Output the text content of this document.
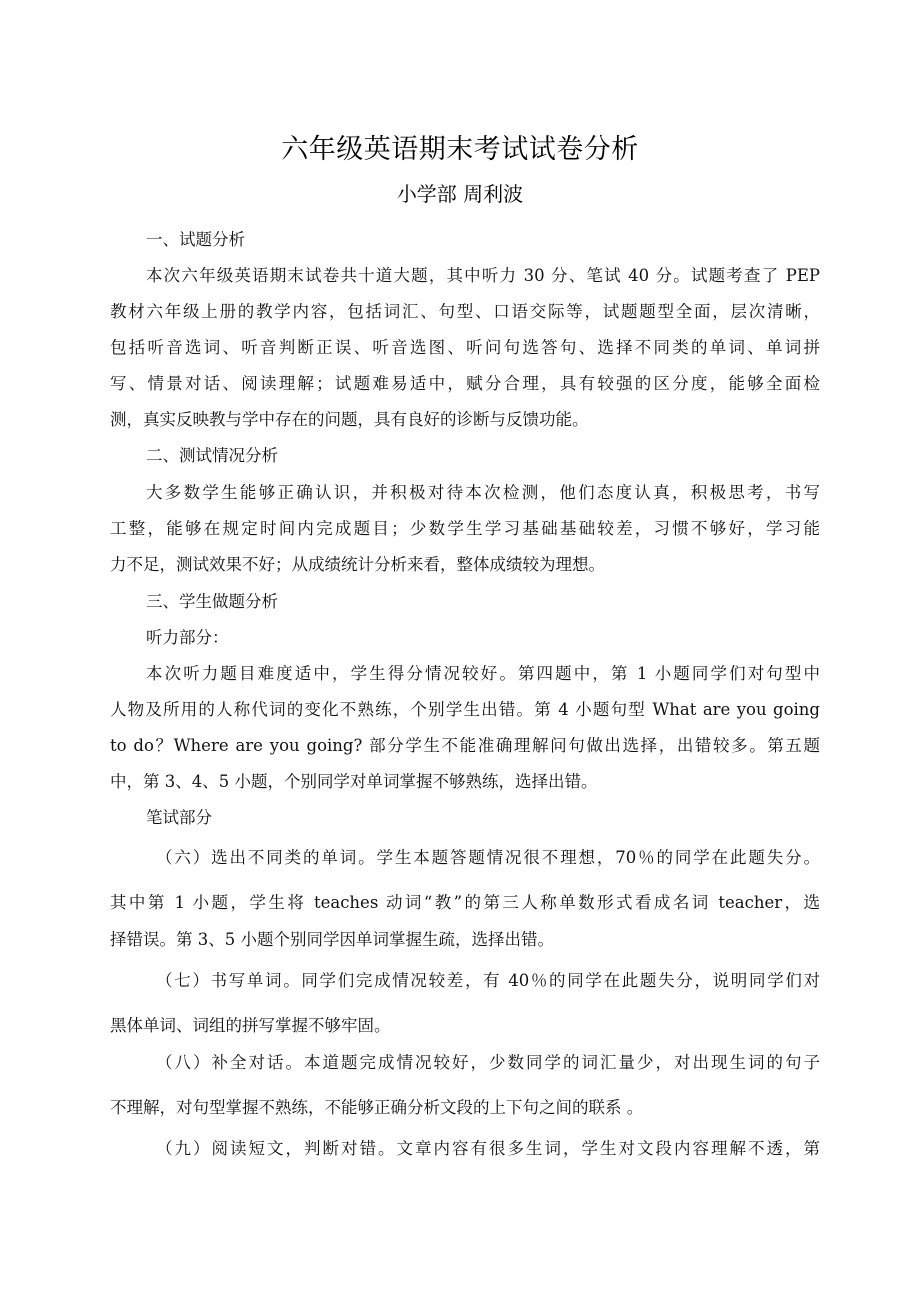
六年级英语期末考试试卷分析
小学部 周利波
一、试题分析
本次六年级英语期末试卷共十道大题，其中听力 30 分、笔试 40 分。试题考查了 PEP
教材六年级上册的教学内容，包括词汇、句型、口语交际等，试题题型全面，层次清晰，
包括听音选词、听音判断正误、听音选图、听问句选答句、选择不同类的单词、单词拼
写、情景对话、阅读理解；试题难易适中，赋分合理，具有较强的区分度，能够全面检
测，真实反映教与学中存在的问题，具有良好的诊断与反馈功能。
二、测试情况分析
大多数学生能够正确认识，并积极对待本次检测，他们态度认真，积极思考，书写
工整，能够在规定时间内完成题目；少数学生学习基础基础较差，习惯不够好，学习能
力不足，测试效果不好；从成绩统计分析来看，整体成绩较为理想。
三、学生做题分析
听力部分：
本次听力题目难度适中，学生得分情况较好。第四题中，第 1 小题同学们对句型中
人物及所用的人称代词的变化不熟练，个别学生出错。第 4 小题句型 What are you going
to do？Where are you going? 部分学生不能准确理解问句做出选择，出错较多。第五题
中，第 3、4、5 小题，个别同学对单词掌握不够熟练，选择出错。
笔试部分
（六）选出不同类的单词。学生本题答题情况很不理想，70％的同学在此题失分。
其中第 1 小题，学生将 teaches 动词“教”的第三人称单数形式看成名词 teacher，选
择错误。第 3、5 小题个别同学因单词掌握生疏，选择出错。
（七）书写单词。同学们完成情况较差，有 40％的同学在此题失分，说明同学们对
黑体单词、词组的拼写掌握不够牢固。
（八）补全对话。本道题完成情况较好，少数同学的词汇量少，对出现生词的句子
不理解，对句型掌握不熟练，不能够正确分析文段的上下句之间的联系 。
（九）阅读短文，判断对错。文章内容有很多生词，学生对文段内容理解不透，第
